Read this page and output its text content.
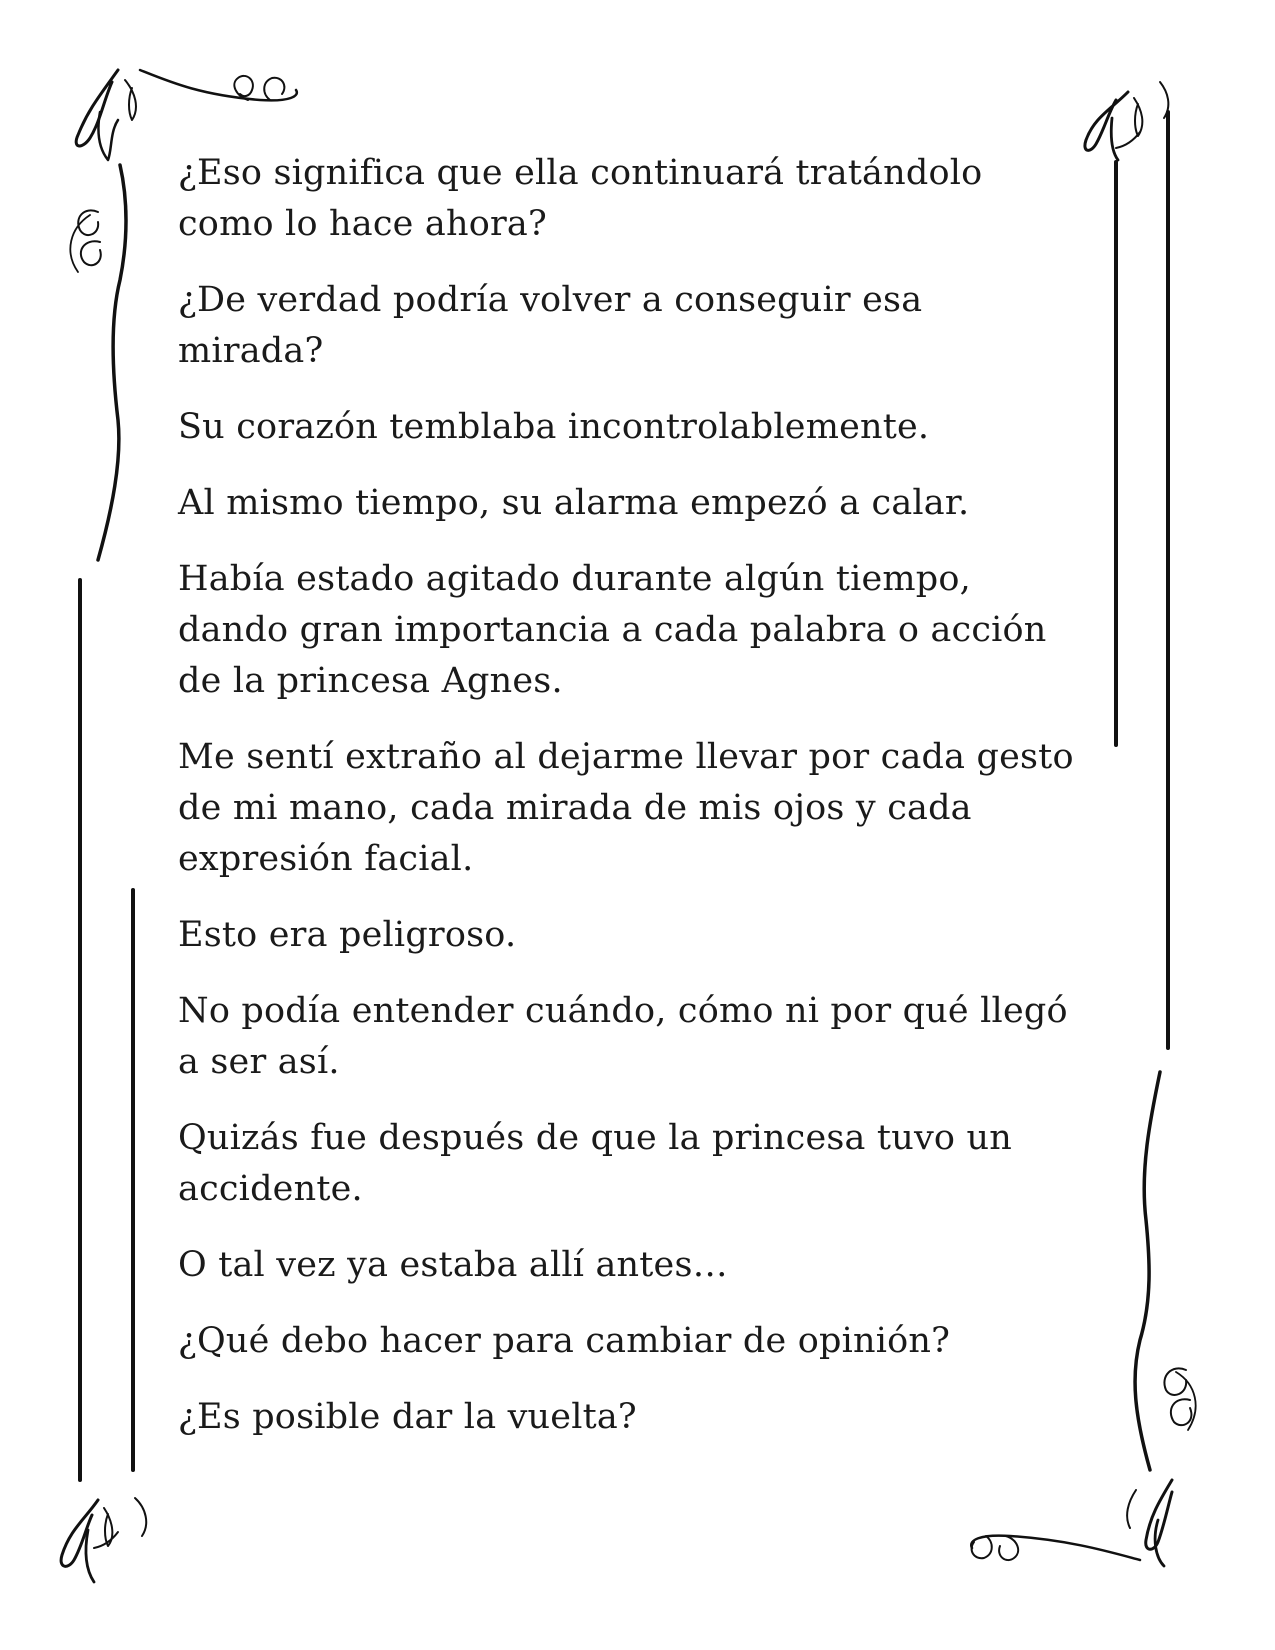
¿Eso significa que ella continuará tratándolo como lo hace ahora?

¿De verdad podría volver a conseguir esa mirada?

Su corazón temblaba incontrolablemente.

Al mismo tiempo, su alarma empezó a calar.

Había estado agitado durante algún tiempo, dando gran importancia a cada palabra o acción de la princesa Agnes.

Me sentí extraño al dejarme llevar por cada gesto de mi mano, cada mirada de mis ojos y cada expresión facial.

Esto era peligroso.

No podía entender cuándo, cómo ni por qué llegó a ser así.

Quizás fue después de que la princesa tuvo un accidente.

O tal vez ya estaba allí antes…

¿Qué debo hacer para cambiar de opinión?

¿Es posible dar la vuelta?
